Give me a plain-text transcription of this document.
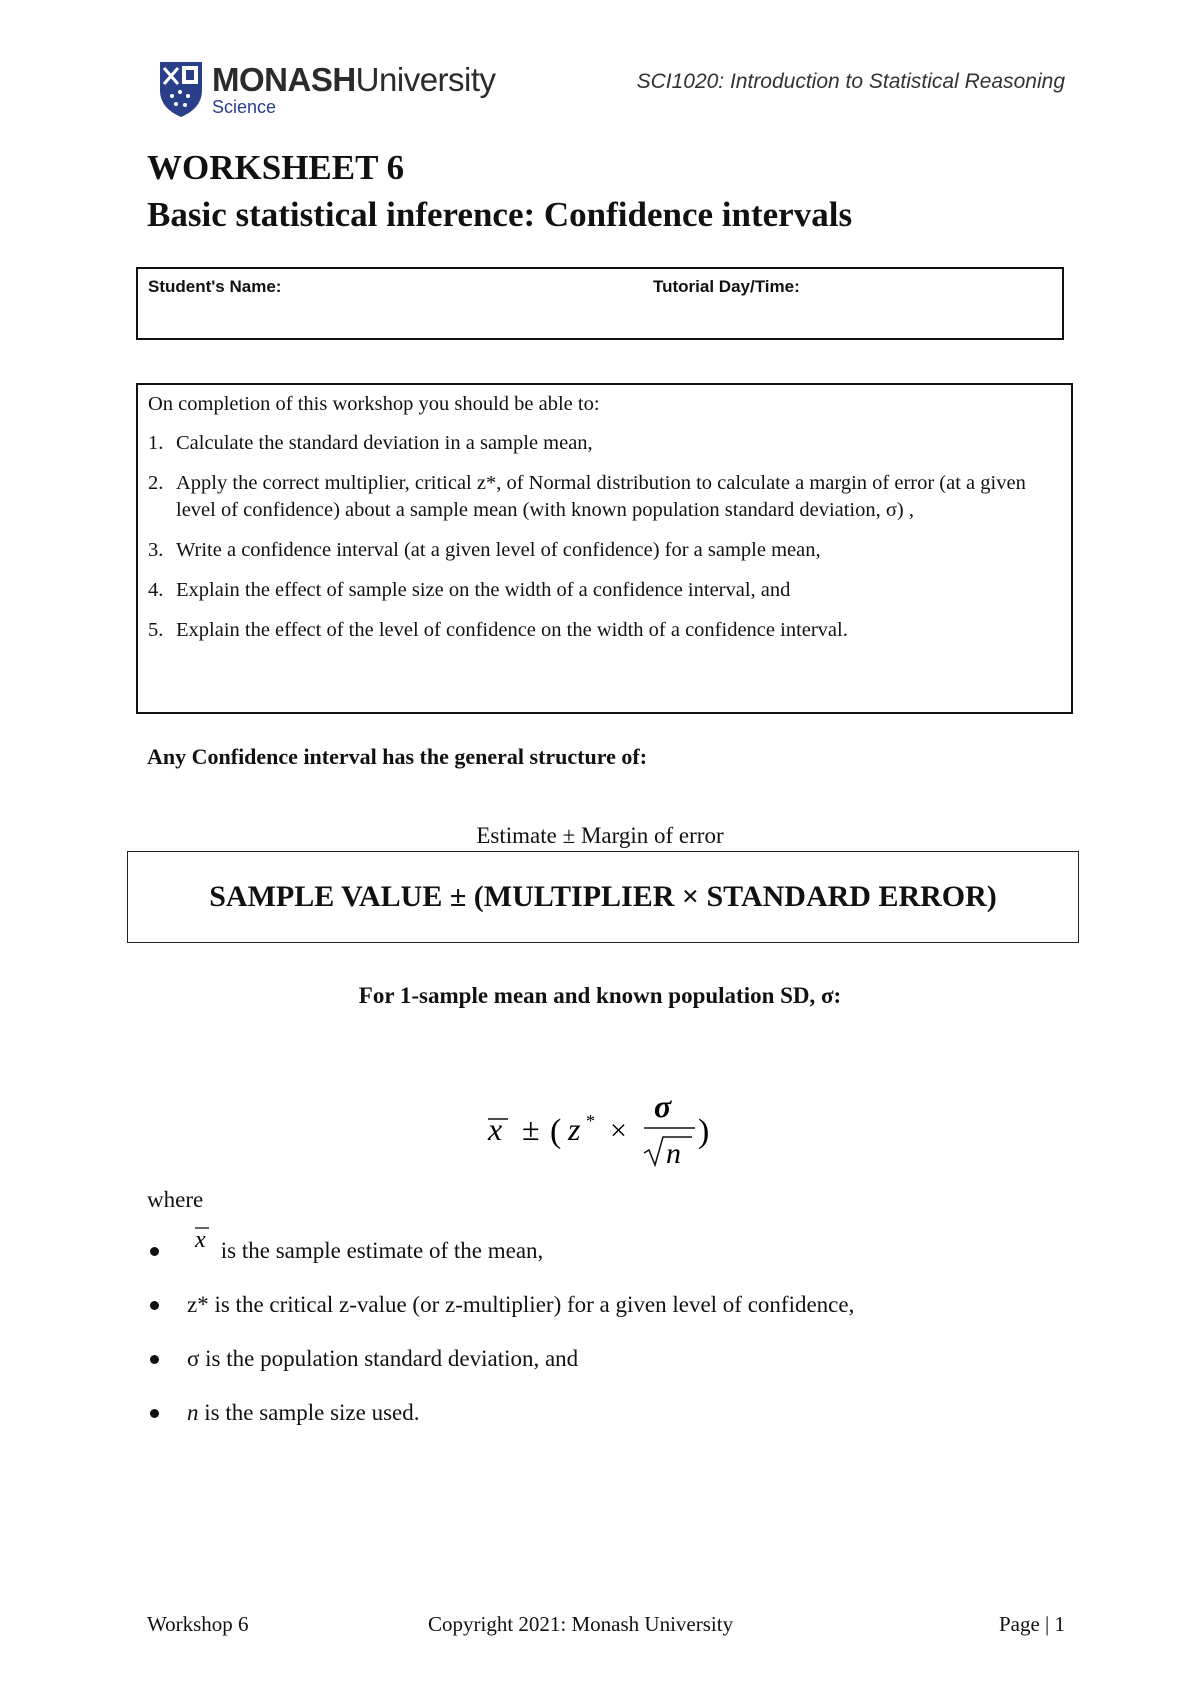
MONASHUniversity
Science
SCI1020: Introduction to Statistical Reasoning
WORKSHEET 6
Basic statistical inference: Confidence intervals
Student's Name:	Tutorial Day/Time:

On completion of this workshop you should be able to:

1. Calculate the standard deviation in a sample mean,
2. Apply the correct multiplier, critical z*, of Normal distribution to calculate a margin of error (at a given level of confidence) about a sample mean (with known population standard deviation, σ) ,
3. Write a confidence interval (at a given level of confidence) for a sample mean,
4. Explain the effect of sample size on the width of a confidence interval, and
5. Explain the effect of the level of confidence on the width of a confidence interval.
Any Confidence interval has the general structure of:
Estimate ± Margin of error
SAMPLE VALUE ± (MULTIPLIER × STANDARD ERROR)
For 1-sample mean and known population SD, σ:
x ± ( z * ×
σ
n
)
where
x is the sample estimate of the mean,
z* is the critical z-value (or z-multiplier) for a given level of confidence,
σ is the population standard deviation, and
n is the sample size used.
Workshop 6	Copyright 2021: Monash University	Page | 1
